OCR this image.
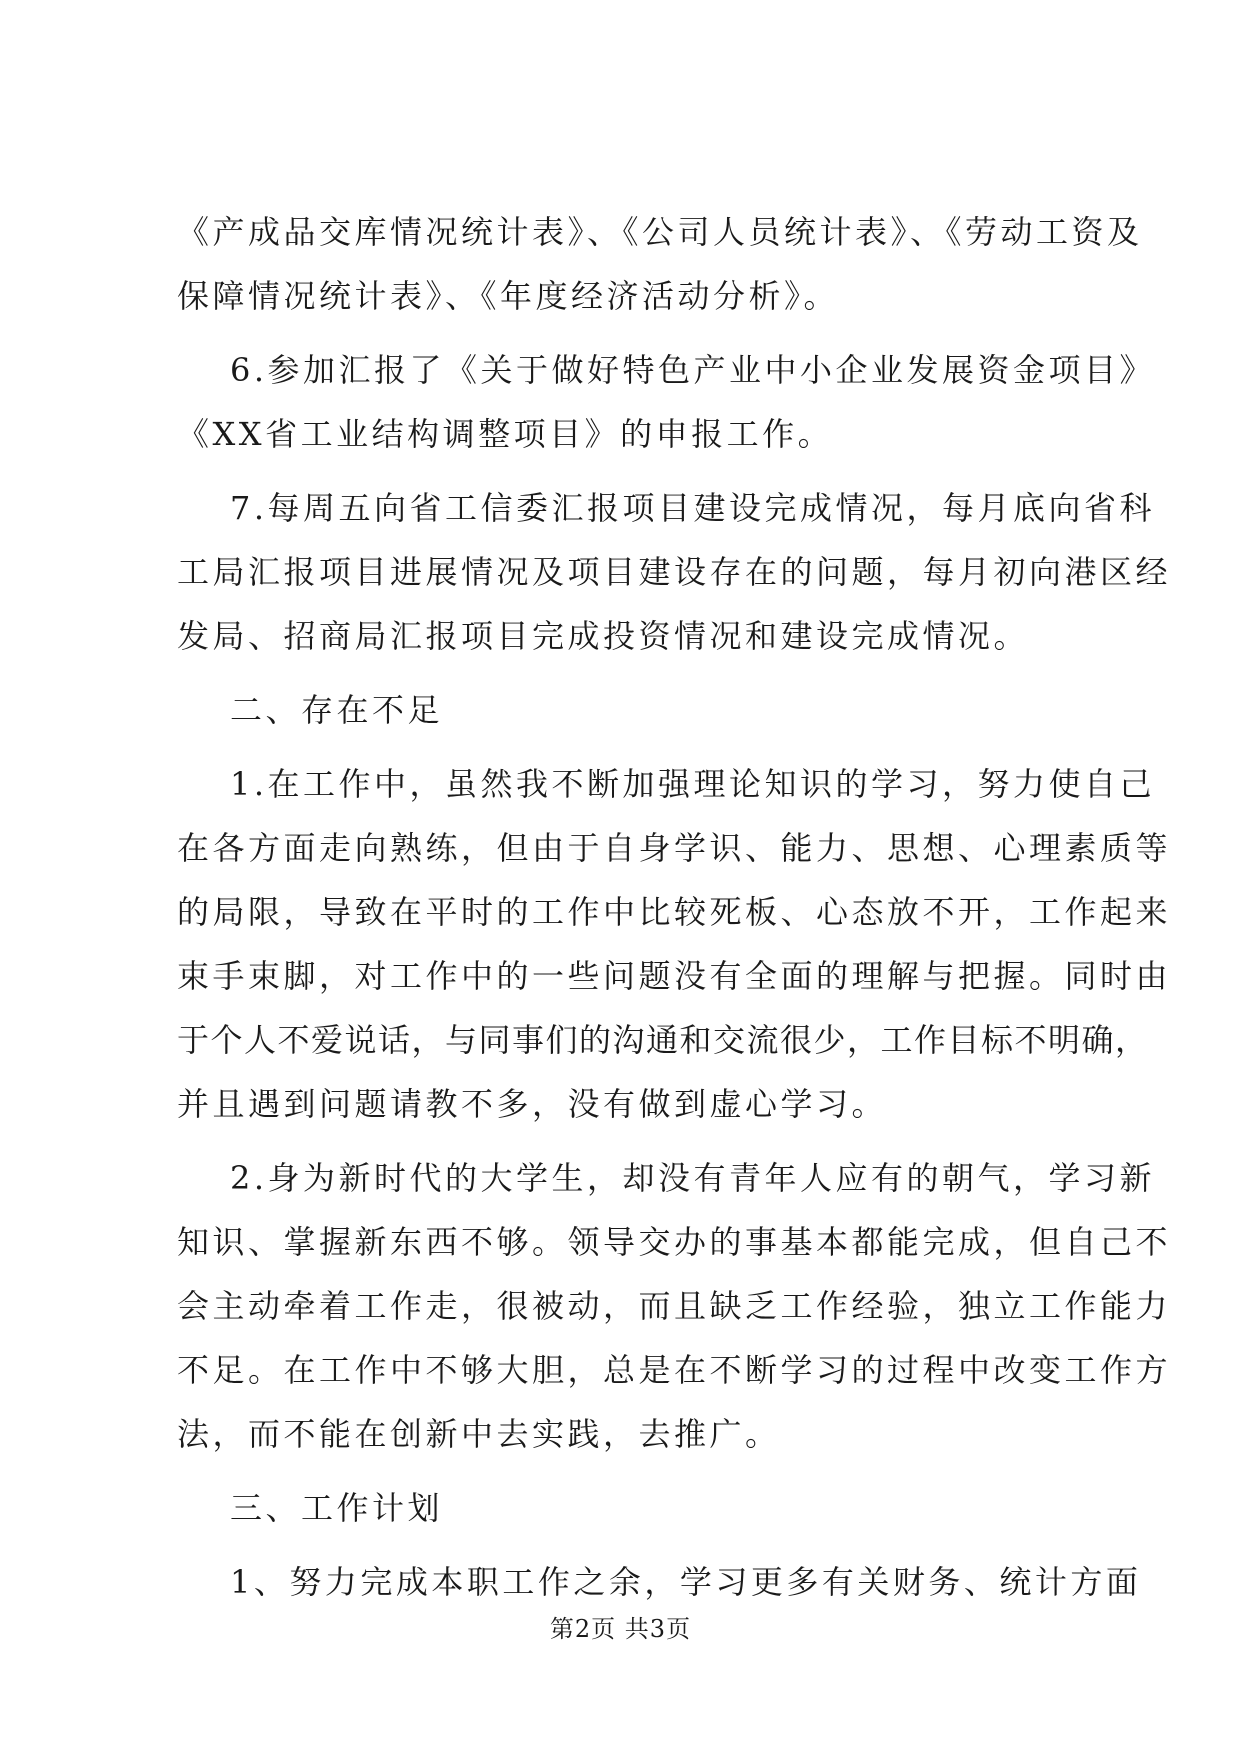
《产成品交库情况统计表》、《公司人员统计表》、《劳动工资及
保障情况统计表》、《年度经济活动分析》。
6.参加汇报了《关于做好特色产业中小企业发展资金项目》
《XX省工业结构调整项目》的申报工作。
7.每周五向省工信委汇报项目建设完成情况，每月底向省科
工局汇报项目进展情况及项目建设存在的问题，每月初向港区经
发局、招商局汇报项目完成投资情况和建设完成情况。
二、存在不足
1.在工作中，虽然我不断加强理论知识的学习，努力使自己
在各方面走向熟练，但由于自身学识、能力、思想、心理素质等
的局限，导致在平时的工作中比较死板、心态放不开，工作起来
束手束脚，对工作中的一些问题没有全面的理解与把握。同时由
于个人不爱说话，与同事们的沟通和交流很少，工作目标不明确，
并且遇到问题请教不多，没有做到虚心学习。
2.身为新时代的大学生，却没有青年人应有的朝气，学习新
知识、掌握新东西不够。领导交办的事基本都能完成，但自己不
会主动牵着工作走，很被动，而且缺乏工作经验，独立工作能力
不足。在工作中不够大胆，总是在不断学习的过程中改变工作方
法，而不能在创新中去实践，去推广。
三、工作计划
1、努力完成本职工作之余，学习更多有关财务、统计方面
第2页 共3页
